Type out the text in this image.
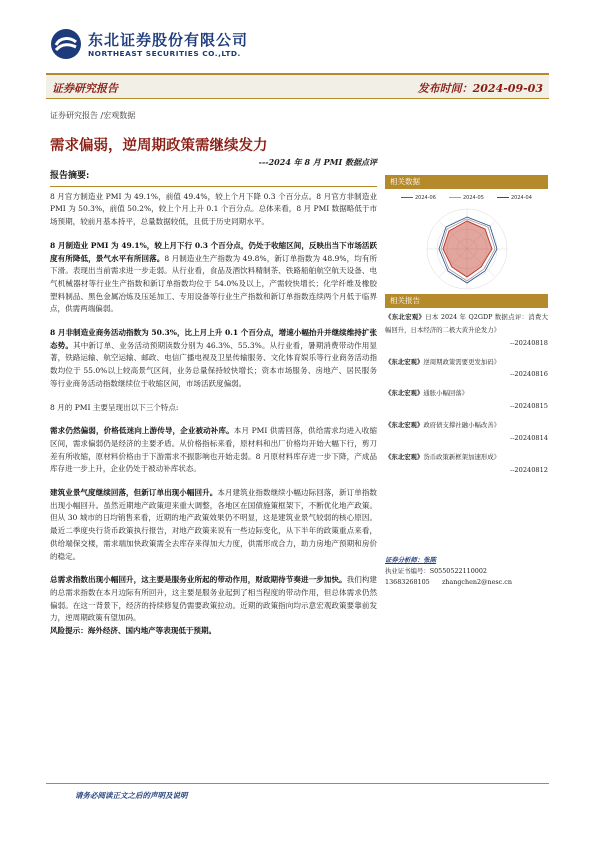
东北证券股份有限公司
NORTHEAST SECURITIES CO.,LTD.
证券研究报告	发布时间：2024-09-03
证券研究报告 /宏观数据
需求偏弱，逆周期政策需继续发力
---2024 年 8 月 PMI 数据点评
报告摘要:

8 月官方制造业 PMI 为 49.1%，前值 49.4%，较上个月下降 0.3 个百分点。8 月官方非制造业 PMI 为 50.3%，前值 50.2%，较上个月上升 0.1 个百分点。总体来看，8 月 PMI 数据略低于市场预期，较前月基本持平，总量数据较低，且低于历史同期水平。

8 月制造业 PMI 为 49.1%，较上月下行 0.3 个百分点，仍处于收缩区间，反映出当下市场活跃度有所降低，景气水平有所回落。8 月制造业生产指数为 49.8%，新订单指数为 48.9%，均有所下滑。表现出当前需求进一步走弱。从行业看，食品及酒饮料精制茶、铁路船舶航空航天设备、电气机械器材等行业生产指数和新订单指数均位于 54.0%及以上，产需较快增长；化学纤维及橡胶塑料制品、黑色金属冶炼及压延加工、专用设备等行业生产指数和新订单指数连续两个月低于临界点，供需两端偏弱。

8 月非制造业商务活动指数为 50.3%，比上月上升 0.1 个百分点，增速小幅抬升并继续维持扩张态势。其中新订单、业务活动预期读数分别为 46.3%、55.3%。从行业看，暑期消费带动作用显著，铁路运输、航空运输、邮政、电信广播电视及卫星传输服务、文化体育娱乐等行业商务活动指数均位于 55.0%以上较高景气区间，业务总量保持较快增长；资本市场服务、房地产、居民服务等行业商务活动指数继续位于收缩区间，市场活跃度偏弱。

8 月的 PMI 主要呈现出以下三个特点:

需求仍然偏弱，价格低迷向上游传导，企业被动补库。本月 PMI 供需回落，供给需求均进入收缩区间，需求偏弱仍是经济的主要矛盾。从价格指标来看，原材料和出厂价格均开始大幅下行，剪刀差有所收缩，原材料价格由于下游需求不振影响也开始走弱。8 月原材料库存进一步下降，产成品库存进一步上升，企业仍处于被动补库状态。

建筑业景气度继续回落，但新订单出现小幅回升。本月建筑业指数继续小幅边际回落，新订单指数出现小幅回升。虽然近期地产政策迎来重大调整，各地区在国债施策框架下，不断优化地产政策。但从 30 城市的日均销售来看，近期的地产政策效果仍不明显，这是建筑业景气较弱的核心原因。最近二季度央行货币政策执行报告，对地产政策来说有一些边际变化，从下半年的政策重点来看，供给端保交楼，需求端加快政策需全去库存来得加大力度，供需形成合力，助力房地产预期和房价的稳定。

总需求指数出现小幅回升，这主要是服务业所起的带动作用，财政期待节奏进一步加快。我们构建的总需求指数在本月边际有所回升，这主要是服务业起到了相当程度的带动作用，但总体需求仍然偏弱。在这一背景下，经济的持续修复仍需要政策拉动。近期的政策指向均示意宏观政策要靠前发力，逆周期政策有望加码。

风险提示：海外经济、国内地产等表现低于预期。

相关数据
2024-06	2024-05	2024-04
相关报告
《东北宏观》日本 2024 年 Q2GDP 数据点评：消费大幅回升，日本经济的二极大黄升论发力》
--20240818
《东北宏观》逆周期政策需要更发加码》
--20240816
《东北宏观》通胀小幅回落》
--20240815
《东北宏观》政府债支撑社融小幅改善》
--20240814
《东北宏观》货币政策新框架加速形成》
--20240812
证券分析师：张陈
执业证书编号：S0550522110002
13683268105 zhangchen2@nesc.cn
请务必阅读正文之后的声明及说明
